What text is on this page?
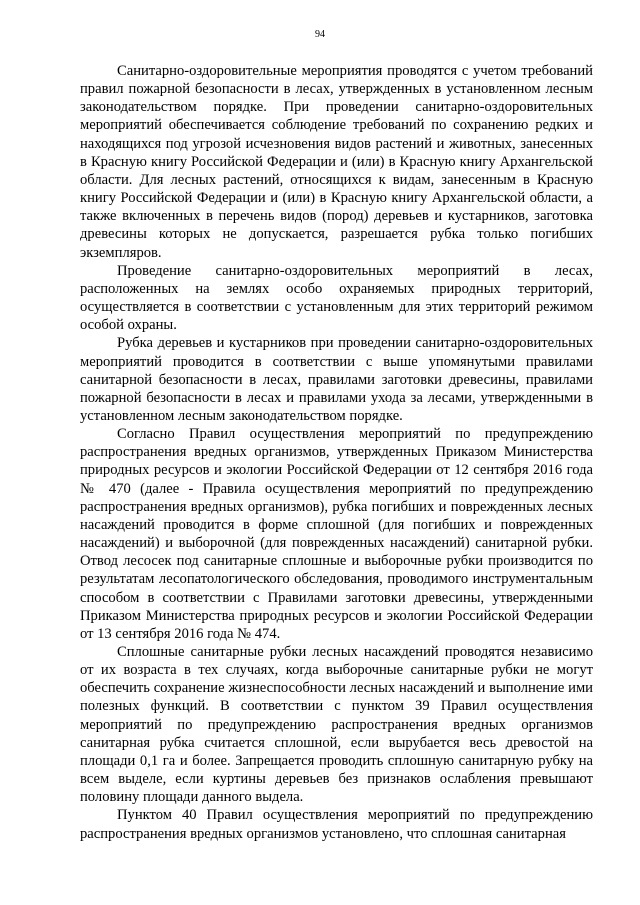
94

Санитарно-оздоровительные мероприятия проводятся с учетом требований правил пожарной безопасности в лесах, утвержденных в установленном лесным законодательством порядке. При проведении санитарно-оздоровительных мероприятий обеспечивается соблюдение требований по сохранению редких и находящихся под угрозой исчезновения видов растений и животных, занесенных в Красную книгу Российской Федерации и (или) в Красную книгу Архангельской области. Для лесных растений, относящихся к видам, занесенным в Красную книгу Российской Федерации и (или) в Красную книгу Архангельской области, а также включенных в перечень видов (пород) деревьев и кустарников, заготовка древесины которых не допускается, разрешается рубка только погибших экземпляров.

Проведение санитарно-оздоровительных мероприятий в лесах, расположенных на землях особо охраняемых природных территорий, осуществляется в соответствии с установленным для этих территорий режимом особой охраны.

Рубка деревьев и кустарников при проведении санитарно-оздоровительных мероприятий проводится в соответствии с выше упомянутыми правилами санитарной безопасности в лесах, правилами заготовки древесины, правилами пожарной безопасности в лесах и правилами ухода за лесами, утвержденными в установленном лесным законодательством порядке.

Согласно Правил осуществления мероприятий по предупреждению распространения вредных организмов, утвержденных Приказом Министерства природных ресурсов и экологии Российской Федерации от 12 сентября 2016 года № 470 (далее - Правила осуществления мероприятий по предупреждению распространения вредных организмов), рубка погибших и поврежденных лесных насаждений проводится в форме сплошной (для погибших и поврежденных насаждений) и выборочной (для поврежденных насаждений) санитарной рубки. Отвод лесосек под санитарные сплошные и выборочные рубки производится по результатам лесопатологического обследования, проводимого инструментальным способом в соответствии с Правилами заготовки древесины, утвержденными Приказом Министерства природных ресурсов и экологии Российской Федерации от 13 сентября 2016 года № 474.

Сплошные санитарные рубки лесных насаждений проводятся независимо от их возраста в тех случаях, когда выборочные санитарные рубки не могут обеспечить сохранение жизнеспособности лесных насаждений и выполнение ими полезных функций. В соответствии с пунктом 39 Правил осуществления мероприятий по предупреждению распространения вредных организмов санитарная рубка считается сплошной, если вырубается весь древостой на площади 0,1 га и более. Запрещается проводить сплошную санитарную рубку на всем выделе, если куртины деревьев без признаков ослабления превышают половину площади данного выдела.

Пунктом 40 Правил осуществления мероприятий по предупреждению распространения вредных организмов установлено, что сплошная санитарная
